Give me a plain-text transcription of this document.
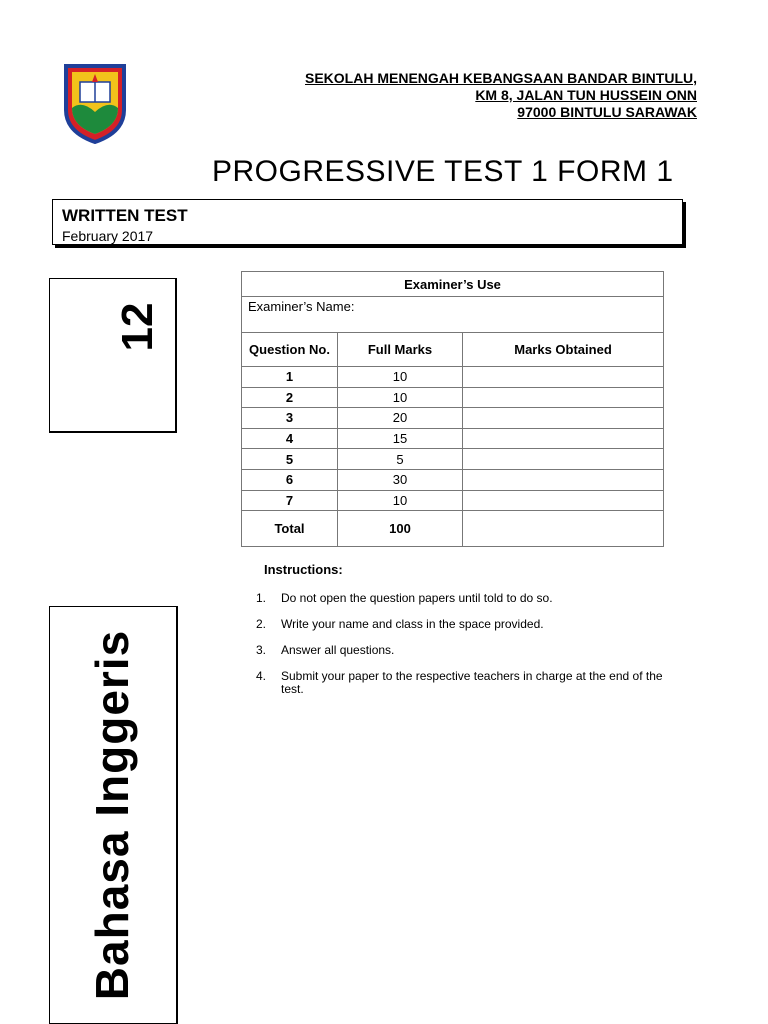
SEKOLAH MENENGAH KEBANGSAAN BANDAR BINTULU,
KM 8, JALAN TUN HUSSEIN ONN
97000 BINTULU SARAWAK
PROGRESSIVE TEST 1 FORM 1
WRITTEN TEST
February 2017
12
Bahasa Inggeris
Examiner’s Use		
Examiner’s Name:		
Question No.	Full Marks	Marks Obtained
1	10	
2	10	
3	20	
4	15	
5	5	
6	30	
7	10	
Total	100	
Instructions:
1. Do not open the question papers until told to do so.
2. Write your name and class in the space provided.
3. Answer all questions.
4. Submit your paper to the respective teachers in charge at the end of the test.
